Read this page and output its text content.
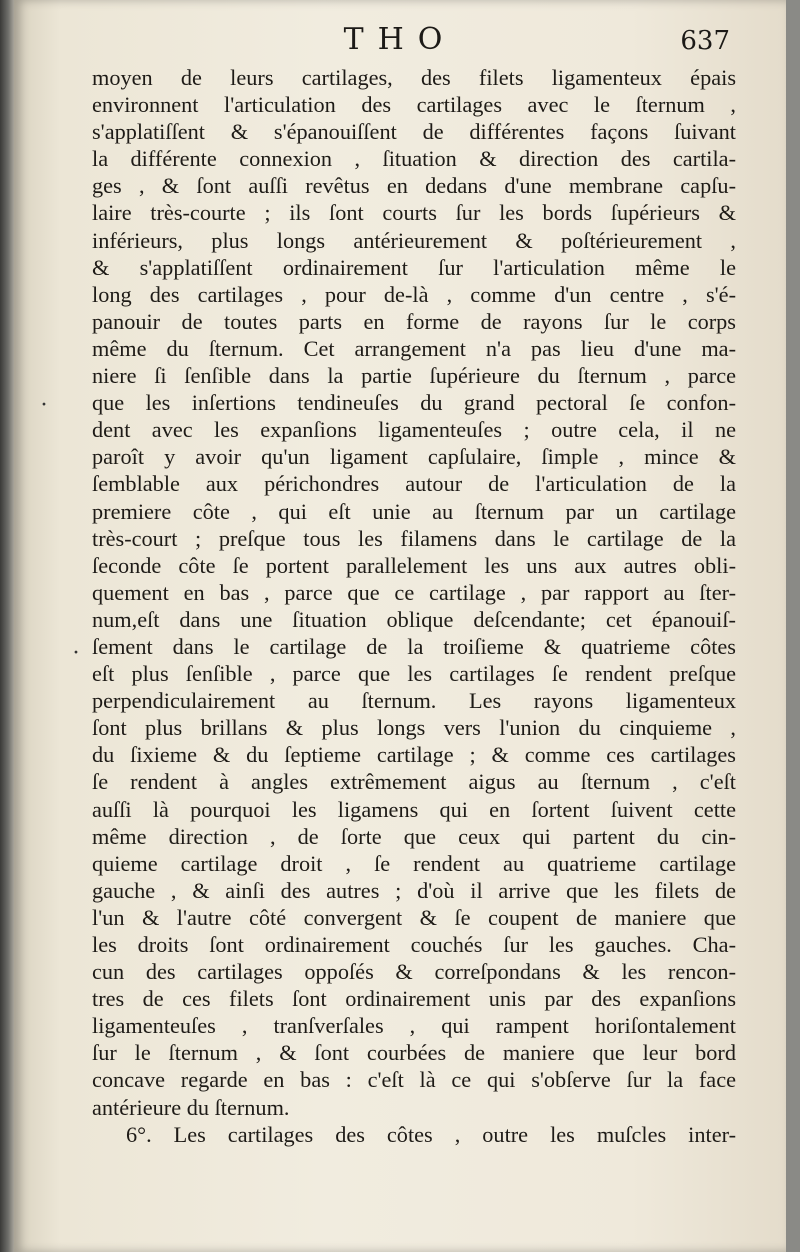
THO	637
·
·
moyen de leurs cartilages, des filets ligamenteux épais
environnent l'articulation des cartilages avec le ſternum ,
s'applatiſſent & s'épanouiſſent de différentes façons ſuivant
la différente connexion , ſituation & direction des cartila-
ges , & ſont auſſi revêtus en dedans d'une membrane capſu-
laire très-courte ; ils ſont courts ſur les bords ſupérieurs &
inférieurs, plus longs antérieurement & poſtérieurement ,
& s'applatiſſent ordinairement ſur l'articulation même le
long des cartilages , pour de-là , comme d'un centre , s'é-
panouir de toutes parts en forme de rayons ſur le corps
même du ſternum. Cet arrangement n'a pas lieu d'une ma-
niere ſi ſenſible dans la partie ſupérieure du ſternum , parce
que les inſertions tendineuſes du grand pectoral ſe confon-
dent avec les expanſions ligamenteuſes ; outre cela, il ne
paroît y avoir qu'un ligament capſulaire, ſimple , mince &
ſemblable aux périchondres autour de l'articulation de la
premiere côte , qui eſt unie au ſternum par un cartilage
très-court ; preſque tous les filamens dans le cartilage de la
ſeconde côte ſe portent parallelement les uns aux autres obli-
quement en bas , parce que ce cartilage , par rapport au ſter-
num,eſt dans une ſituation oblique deſcendante; cet épanouiſ-
ſement dans le cartilage de la troiſieme & quatrieme côtes
eſt plus ſenſible , parce que les cartilages ſe rendent preſque
perpendiculairement au ſternum. Les rayons ligamenteux
ſont plus brillans & plus longs vers l'union du cinquieme ,
du ſixieme & du ſeptieme cartilage ; & comme ces cartilages
ſe rendent à angles extrêmement aigus au ſternum , c'eſt
auſſi là pourquoi les ligamens qui en ſortent ſuivent cette
même direction , de ſorte que ceux qui partent du cin-
quieme cartilage droit , ſe rendent au quatrieme cartilage
gauche , & ainſi des autres ; d'où il arrive que les filets de
l'un & l'autre côté convergent & ſe coupent de maniere que
les droits ſont ordinairement couchés ſur les gauches. Cha-
cun des cartilages oppoſés & correſpondans & les rencon-
tres de ces filets ſont ordinairement unis par des expanſions
ligamenteuſes , tranſverſales , qui rampent horiſontalement
ſur le ſternum , & ſont courbées de maniere que leur bord
concave regarde en bas : c'eſt là ce qui s'obſerve ſur la face
antérieure du ſternum.
6°. Les cartilages des côtes , outre les muſcles inter-
